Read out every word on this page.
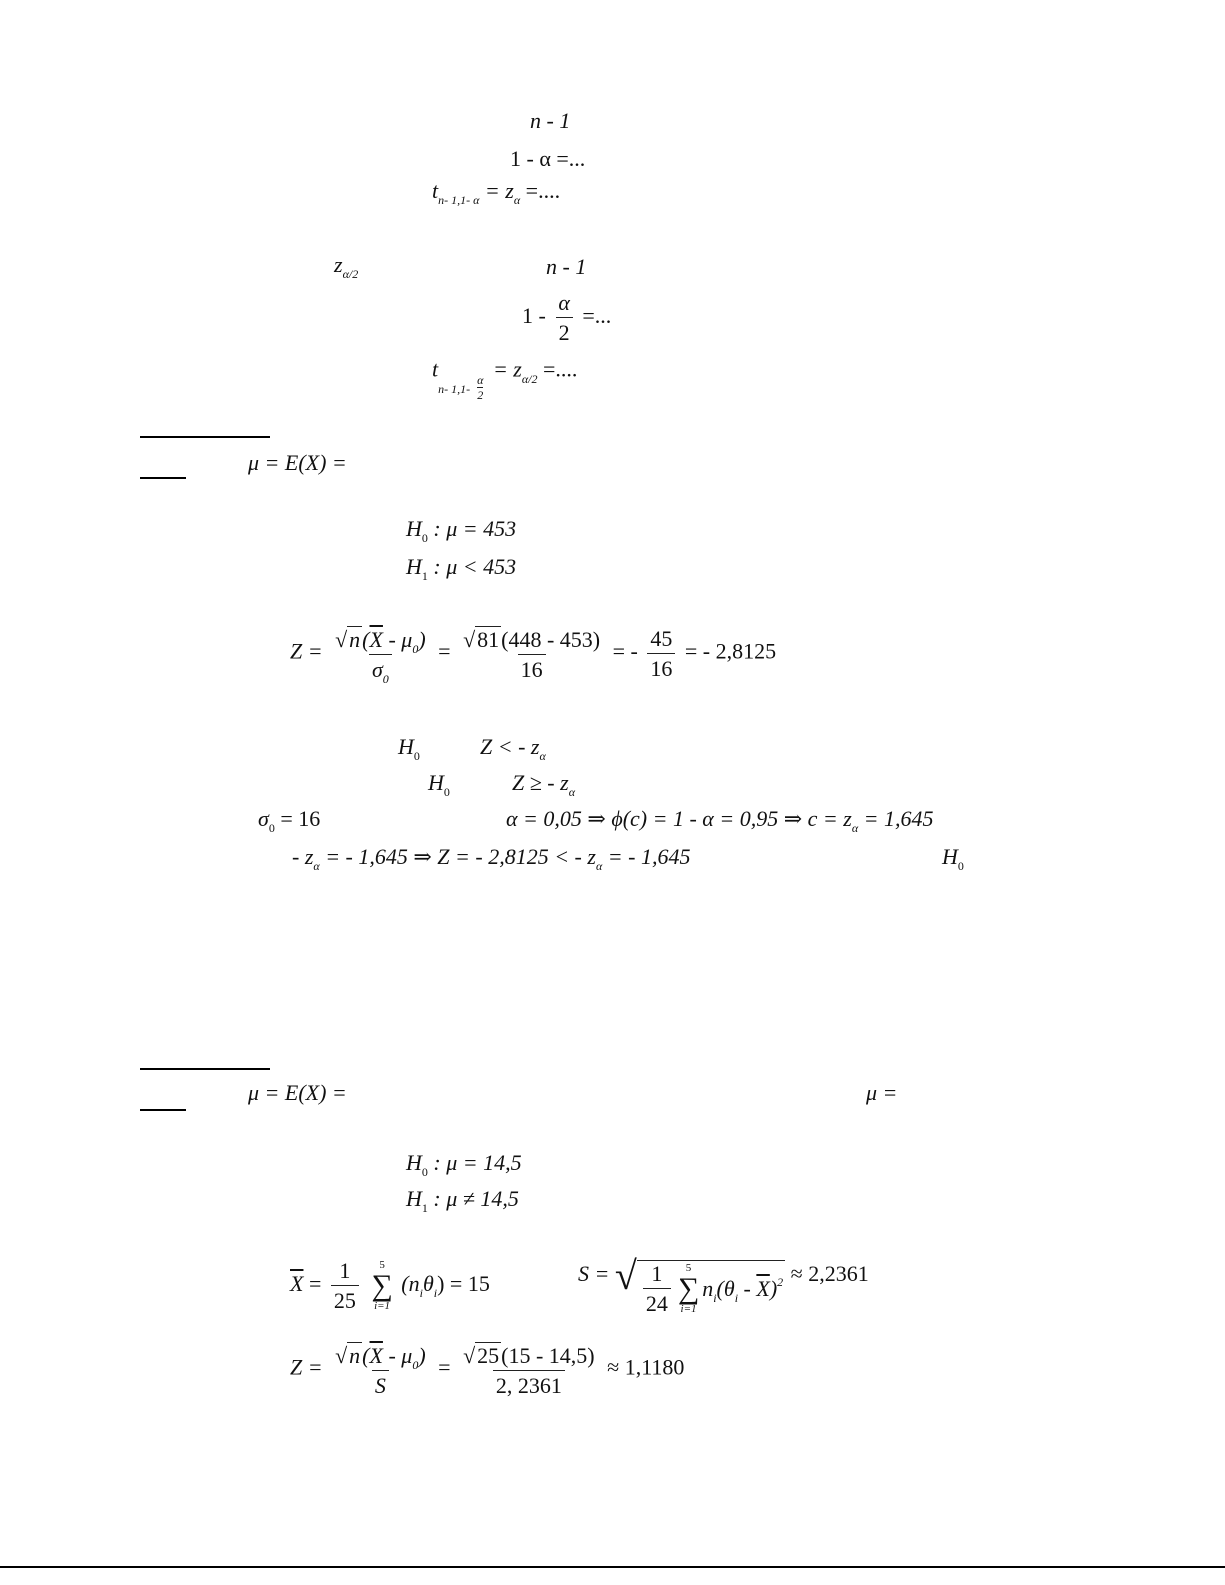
n - 1
1 - α =...
$t_{n- 1,1- \alpha} = z_\alpha$ =....
$z_{\alpha/2}$	n - 1
$1 - \frac{\alpha}{2}$ =...
$t_{n- 1,1-} \frac{\alpha}{2}$
= $z_{\alpha/2}$ =....
μ = E(X) =
$H_0$ : μ = 453
$H_1$ : μ < 453
$Z = \frac{√n(\overline{X} - \mu_0)}{\sigma_0} = \frac{√81(448 - 453)}{16}$ = - $\frac{45}{16}$ = - 2,8125
$H_0$	Z < - $z_\alpha$
$H_0$	Z ≥ - $z_\alpha$
$\sigma_0 = 16$	α = 0,05 ⇒ ϕ(c) = 1 - α = 0,95 ⇒ $c = z_\alpha = 1,645$
- $z_\alpha$ = - 1,645 ⇒ Z = - 2,8125 < - $z_\alpha$ = - 1,645	$H_0$
μ = E(X) =	μ =
$H_0$ : μ = 14,5
$H_1$ : μ ≠ 14,5
$\overline{X} = \frac{1}{25}$
5
∑
i=1
$(n_i\theta_i) = 15$	S = √ $\frac{1}{24} 5$
∑
i=1
$n_i(\theta_i - \overline{X})^2 \approx 2,2361$
$Z = \frac{√n(\overline{X} - \mu_0)}{S} = \frac{√25(15 - 14,5)}{2, 2361} \approx 1,1180$
